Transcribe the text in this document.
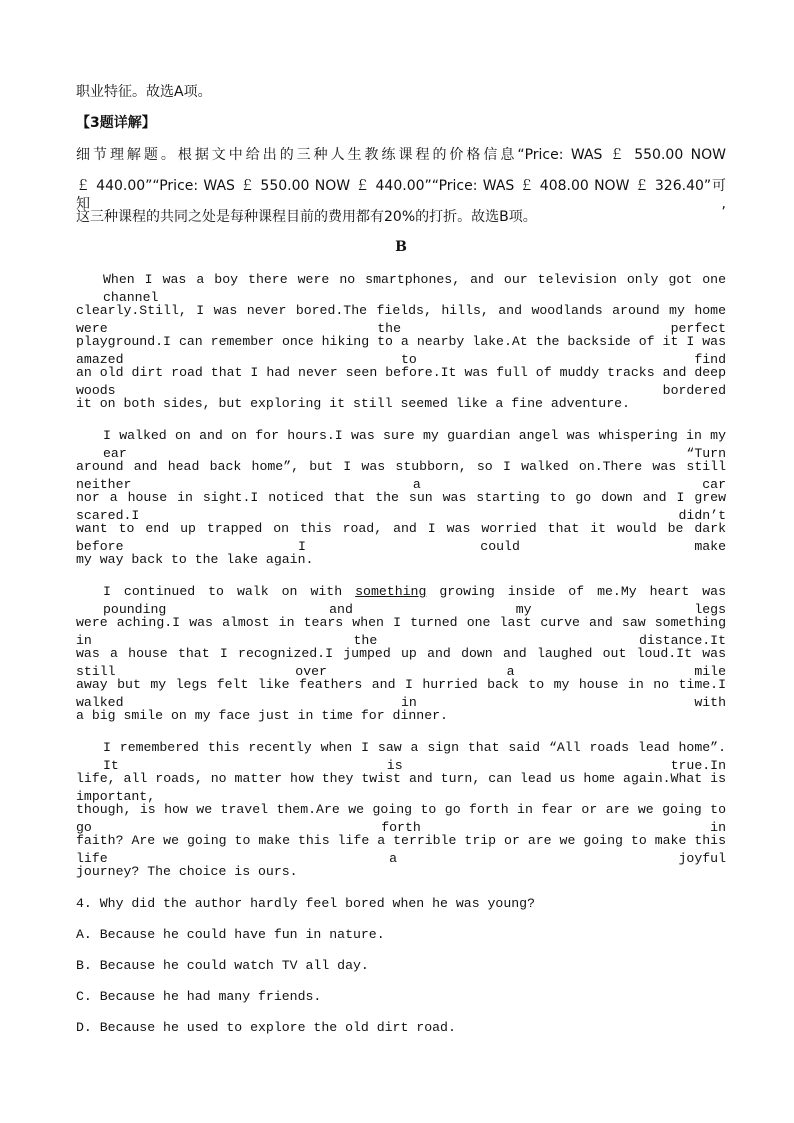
职业特征。故选A项。
【3题详解】
细节理解题。根据文中给出的三种人生教练课程的价格信息“Price: WAS ￡ 550.00 NOW
￡ 440.00”“Price: WAS ￡ 550.00 NOW ￡ 440.00”“Price: WAS ￡ 408.00 NOW ￡ 326.40”可知,
这三种课程的共同之处是每种课程目前的费用都有20%的打折。故选B项。
B
When I was a boy there were no smartphones, and our television only got one channel
clearly.Still, I was never bored.The fields, hills, and woodlands around my home were the perfect
playground.I can remember once hiking to a nearby lake.At the backside of it I was amazed to find
an old dirt road that I had never seen before.It was full of muddy tracks and deep woods bordered
it on both sides, but exploring it still seemed like a fine adventure.
I walked on and on for hours.I was sure my guardian angel was whispering in my ear “Turn
around and head back home”, but I was stubborn, so I walked on.There was still neither a car
nor a house in sight.I noticed that the sun was starting to go down and I grew scared.I didn’t
want to end up trapped on this road, and I was worried that it would be dark before I could make
my way back to the lake again.
I continued to walk on with something growing inside of me.My heart was pounding and my legs
were aching.I was almost in tears when I turned one last curve and saw something in the distance.It
was a house that I recognized.I jumped up and down and laughed out loud.It was still over a mile
away but my legs felt like feathers and I hurried back to my house in no time.I walked in with
a big smile on my face just in time for dinner.
I remembered this recently when I saw a sign that said “All roads lead home”. It is true.In
life, all roads, no matter how they twist and turn, can lead us home again.What is important,
though, is how we travel them.Are we going to go forth in fear or are we going to go forth in
faith? Are we going to make this life a terrible trip or are we going to make this life a joyful
journey? The choice is ours.
4. Why did the author hardly feel bored when he was young?
A. Because he could have fun in nature.
B. Because he could watch TV all day.
C. Because he had many friends.
D. Because he used to explore the old dirt road.
